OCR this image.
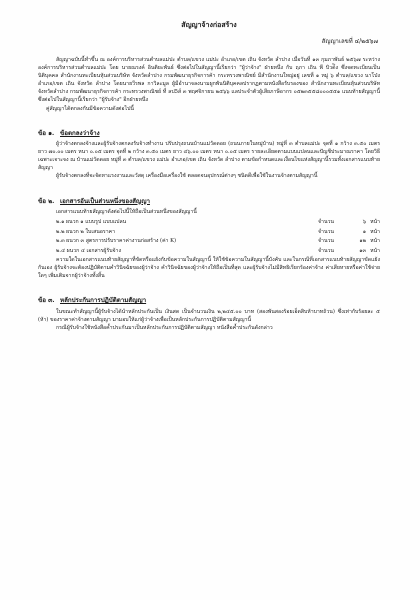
สัญญาจ้างก่อสร้าง
สัญญาเลขที่ ๔/๒๕๖๗

สัญญาฉบับนี้ทำขึ้น ณ องค์การบริหารส่วนตำบลแม่ปะ ตำบล/แขวง แม่ปะ อำเภอ/เขต เถิน จังหวัด ลำปาง เมื่อวันที่ ๑๓ กุมภาพันธ์ ๒๕๖๗ ระหว่าง องค์การบริหารส่วนตำบลแม่ปะ โดย นายณรงค์ อินติยะพันธ์ ซึ่งต่อไปในสัญญานี้เรียกว่า "ผู้ว่าจ้าง" ฝ่ายหนึ่ง กับ ฤภา เถิน พี บิวด์ิง ซึ่งจดทะเบียนเป็นนิติบุคคล สำนักงานทะเบียนหุ้นส่วนบริษัท จังหวัดลำปาง กรมพัฒนาธุรกิจการค้า กระทรวงพาณิชย์ มีสำนักงานใหญ่อยู่ เลขที่ ๑ หมู่ ๖ ตำบล/แขวง นาโป่ง อำเภอ/เขต เถิน จังหวัด ลำปาง โดยนายวีรพล กาวิละมูล ผู้มีอำนาจลงนามผูกพันนิติบุคคลปรากฏตามหนังสือรับรองของ สำนักงานทะเบียนหุ้นส่วนบริษัทจังหวัดลำปาง กรมพัฒนาธุรกิจการค้า กระทรวงพาณิชย์ ที่ ลป5ส์ ๓ พฤศจิกายน ๒๕๖๖ แลประจำตัวผู้เสียภาษีอากร ๐๕๒๓๕๕๘๐๐๐๕๕๑ แนบท้ายสัญญานี้ ซึ่งต่อไปในสัญญานี้เรียกว่า "ผู้รับจ้าง" อีกฝ่ายหนึ่ง

คู่สัญญาได้ตกลงกันมีข้อความดังต่อไปนี้

ข้อ ๑. ข้อตกลงว่าจ้าง

ผู้ว่าจ้างตกลงจ้างและผู้รับจ้างตกลงรับจ้างทำงาน ปรับปรุงถนนบ้านแม่วัดดอย (ถนนภายในหมู่บ้าน) หมู่ที่ ๓ ตำบลแม่ปะ จุดที่ ๑ กว้าง ๓.๕๐ เมตร ยาว ๗๐.๐๐ เมตร หนา ๐.๐๕ เมตร จุดที่ ๒ กว้าง ๓.๕๐ เมตร ยาว ๔๖.๐๐ เมตร หนา ๐.๐๕ เมตร รายละเอียดตามแบบแปลนและปัญชีประมาณราคา โดยวิธีเฉพาะเจาะจง ณ บ้านแม่วัดดอย หมู่ที่ ๓ ตำบล/แขวง แม่ปะ อำเภอ/เขต เถิน จังหวัด ลำปาง ตามข้อกำหนดและเงื่อนไขแห่งสัญญานี้รวมทั้งเอกสารแนบท้ายสัญญา

ผู้รับจ้างตกลงที่จะจัดหาแรงงานและวัสดุ เครื่องมือเครื่องใช้ ตลอดจนอุปกรณ์ต่างๆ ชนิดดีเพื่อใช้ในงานจ้างตามสัญญานี้

ข้อ ๒. เอกสารอันเป็นส่วนหนึ่งของสัญญา

เอกสารแนบท้ายสัญญาดังต่อไปนี้ให้ถือเป็นส่วนหนึ่งของสัญญานี้

๒.๑ ผนวก ๑ แบบรูป แบบแปลน	จำนวน	๖ หน้า
๒.๒ ผนวก ๒ ใบเสนอราคา	จำนวน	๑ หน้า
๒.๓ ผนวก ๓ สูตรการปรับราคาค่างานก่อสร้าง (ค่า K)	จำนวน	๑๒ หน้า
๒.๔ ผนวก ๔ เอกสารผู้รับจ้าง	จำนวน	๑๓ หน้า

ความใดในเอกสารแนบท้ายสัญญาที่ขัดหรือแย้งกับข้อความในสัญญานี้ ให้ใช้ข้อความในสัญญานี้บังคับ และในกรณีที่เอกสารแนบท้ายสัญญาขัดแย้งกันเอง ผู้รับจ้างจะต้องปฏิบัติตามคำวินิจฉัยของผู้ว่าจ้าง คำวินิจฉัยของผู้ว่าจ้างให้ถือเป็นที่สุด และผู้รับจ้างไม่มีสิทธิเรียกร้องค่าจ้าง ค่าเสียหายหรือค่าใช้จ่ายใดๆ เพิ่มเติมจากผู้ว่าจ้างทั้งสิ้น

ข้อ ๓. หลักประกันการปฏิบัติตามสัญญา

ในขณะทำสัญญานี้ผู้รับจ้างได้นำหลักประกันเป็น เงินสด เป็นจำนวนเงิน ๒,๒๔๕.๐๐ บาท (สองพันสองร้อยเอ็ดสิบห้าบาทถ้วน) ซึ่งเท่ากับร้อยละ ๕ (ห้า) ของราคาค่าจ้างตามสัญญา มามอบให้แก่ผู้ว่าจ้างเพื่อเป็นหลักประกันการปฏิบัติตามสัญญานี้

กรณีผู้รับจ้างใช้หนังสือค้ำประกันมาเป็นหลักประกันการปฏิบัติตามสัญญา หนังสือค้ำประกันดังกล่าว
